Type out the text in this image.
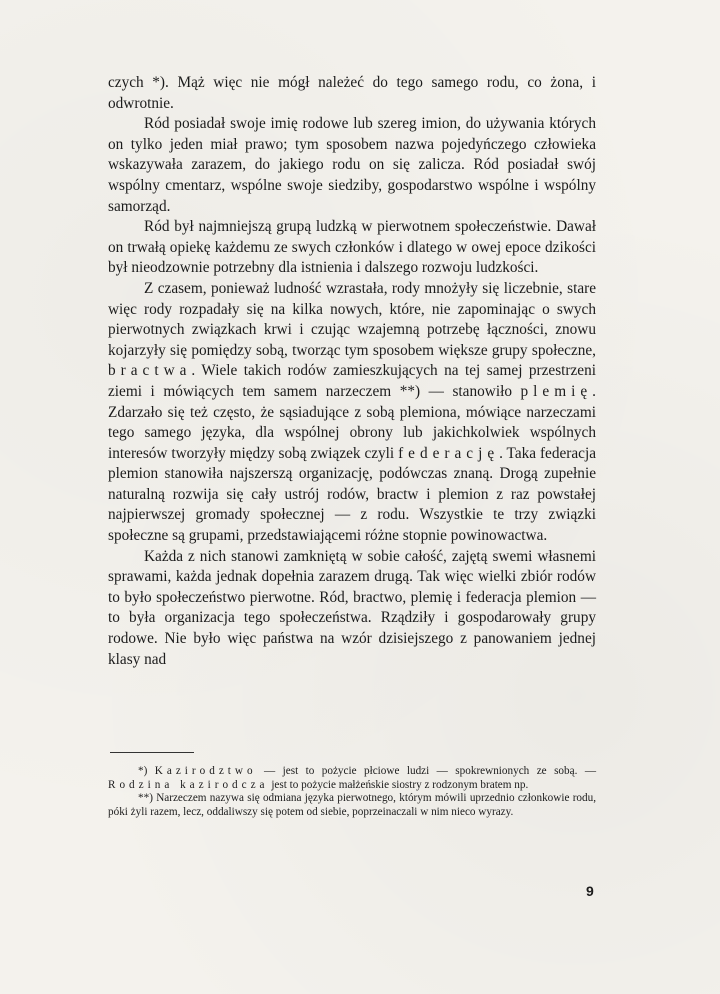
czych *). Mąż więc nie mógł należeć do tego samego rodu, co żona, i odwrotnie.

Ród posiadał swoje imię rodowe lub szereg imion, do używania których on tylko jeden miał prawo; tym sposobem nazwa pojedyńczego człowieka wskazywała zarazem, do jakiego rodu on się zalicza. Ród posiadał swój wspólny cmentarz, wspólne swoje siedziby, gospodarstwo wspólne i wspólny samorząd.

Ród był najmniejszą grupą ludzką w pierwotnem społeczeństwie. Dawał on trwałą opiekę każdemu ze swych członków i dlatego w owej epoce dzikości był nieodzownie potrzebny dla istnienia i dalszego rozwoju ludzkości.

Z czasem, ponieważ ludność wzrastała, rody mnożyły się liczebnie, stare więc rody rozpadały się na kilka nowych, które, nie zapominając o swych pierwotnych związkach krwi i czując wzajemną potrzebę łączności, znowu kojarzyły się pomiędzy sobą, tworząc tym sposobem większe grupy społeczne, bractwa. Wiele takich rodów zamieszkujących na tej samej przestrzeni ziemi i mówiących tem samem narzeczem **) — stanowiło plemię. Zdarzało się też często, że sąsiadujące z sobą plemiona, mówiące narzeczami tego samego języka, dla wspólnej obrony lub jakichkolwiek wspólnych interesów tworzyły między sobą związek czyli federację. Taka federacja plemion stanowiła najszerszą organizację, podówczas znaną. Drogą zupełnie naturalną rozwija się cały ustrój rodów, bractw i plemion z raz powstałej najpierwszej gromady społecznej — z rodu. Wszystkie te trzy związki społeczne są grupami, przedstawiającemi różne stopnie powinowactwa.

Każda z nich stanowi zamkniętą w sobie całość, zajętą swemi własnemi sprawami, każda jednak dopełnia zarazem drugą. Tak więc wielki zbiór rodów to było społeczeństwo pierwotne. Ród, bractwo, plemię i federacja plemion — to była organizacja tego społeczeństwa. Rządziły i gospodarowały grupy rodowe. Nie było więc państwa na wzór dzisiejszego z panowaniem jednej klasy nad

*) Kazirodztwo — jest to pożycie płciowe ludzi — spokrewnionych ze sobą. — Rodzina kazirodcza jest to pożycie małżeńskie siostry z rodzonym bratem np.

**) Narzeczem nazywa się odmiana języka pierwotnego, którym mówili uprzednio członkowie rodu, póki żyli razem, lecz, oddaliwszy się potem od siebie, poprzeinaczali w nim nieco wyrazy.

9
